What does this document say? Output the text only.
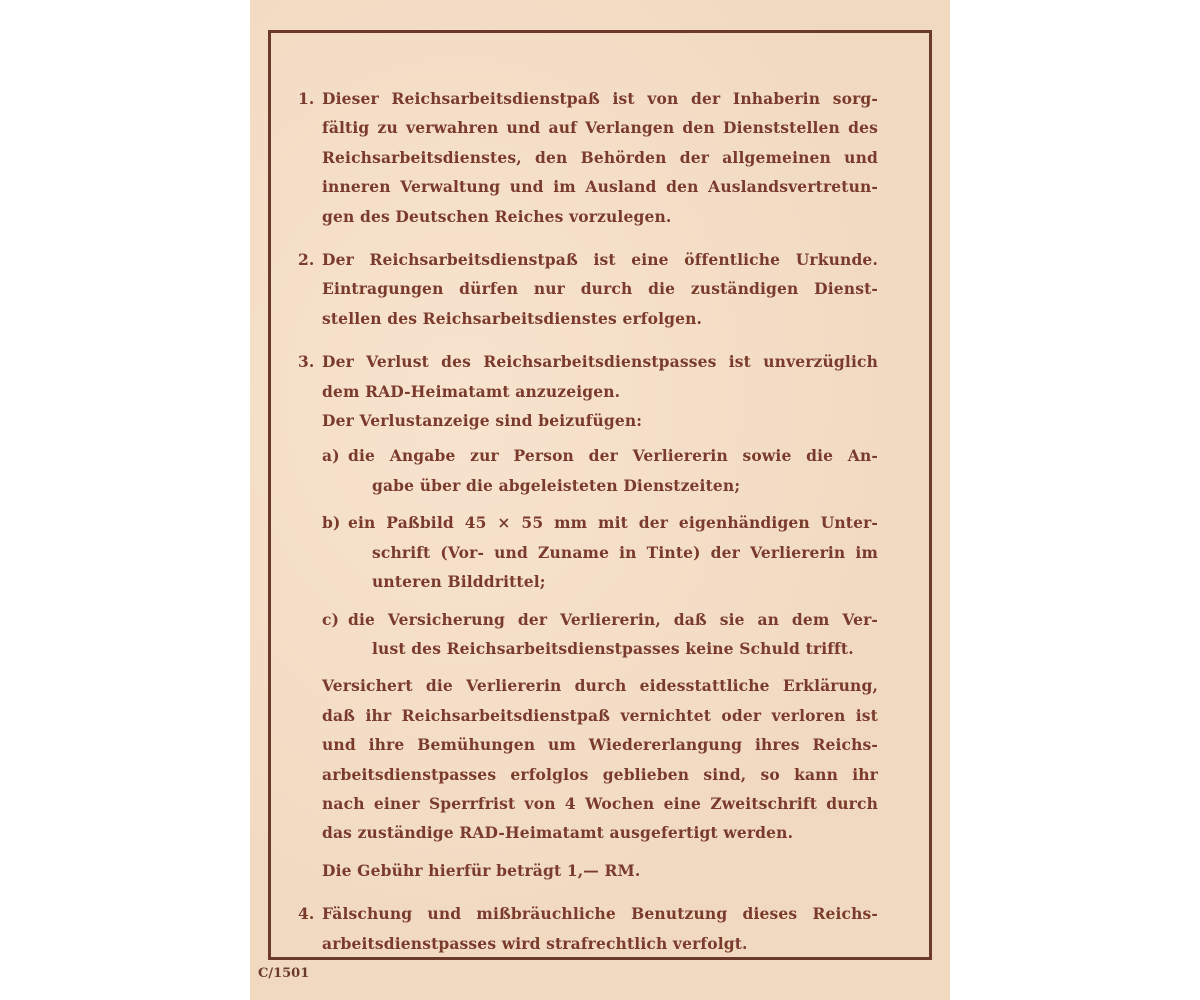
1. Dieser Reichsarbeitsdienstpaß ist von der Inhaberin sorg-
fältig zu verwahren und auf Verlangen den Dienststellen des
Reichsarbeitsdienstes, den Behörden der allgemeinen und
inneren Verwaltung und im Ausland den Auslandsvertretun-
gen des Deutschen Reiches vorzulegen.
2. Der Reichsarbeitsdienstpaß ist eine öffentliche Urkunde.
Eintragungen dürfen nur durch die zuständigen Dienst-
stellen des Reichsarbeitsdienstes erfolgen.
3. Der Verlust des Reichsarbeitsdienstpasses ist unverzüglich
dem RAD-Heimatamt anzuzeigen.
Der Verlustanzeige sind beizufügen:
a) die Angabe zur Person der Verliererin sowie die An-
gabe über die abgeleisteten Dienstzeiten;
b) ein Paßbild 45 × 55 mm mit der eigenhändigen Unter-
schrift (Vor- und Zuname in Tinte) der Verliererin im
unteren Bilddrittel;
c) die Versicherung der Verliererin, daß sie an dem Ver-
lust des Reichsarbeitsdienstpasses keine Schuld trifft.
Versichert die Verliererin durch eidesstattliche Erklärung,
daß ihr Reichsarbeitsdienstpaß vernichtet oder verloren ist
und ihre Bemühungen um Wiedererlangung ihres Reichs-
arbeitsdienstpasses erfolglos geblieben sind, so kann ihr
nach einer Sperrfrist von 4 Wochen eine Zweitschrift durch
das zuständige RAD-Heimatamt ausgefertigt werden.
Die Gebühr hierfür beträgt 1,— RM.
4. Fälschung und mißbräuchliche Benutzung dieses Reichs-
arbeitsdienstpasses wird strafrechtlich verfolgt.
C/1501
